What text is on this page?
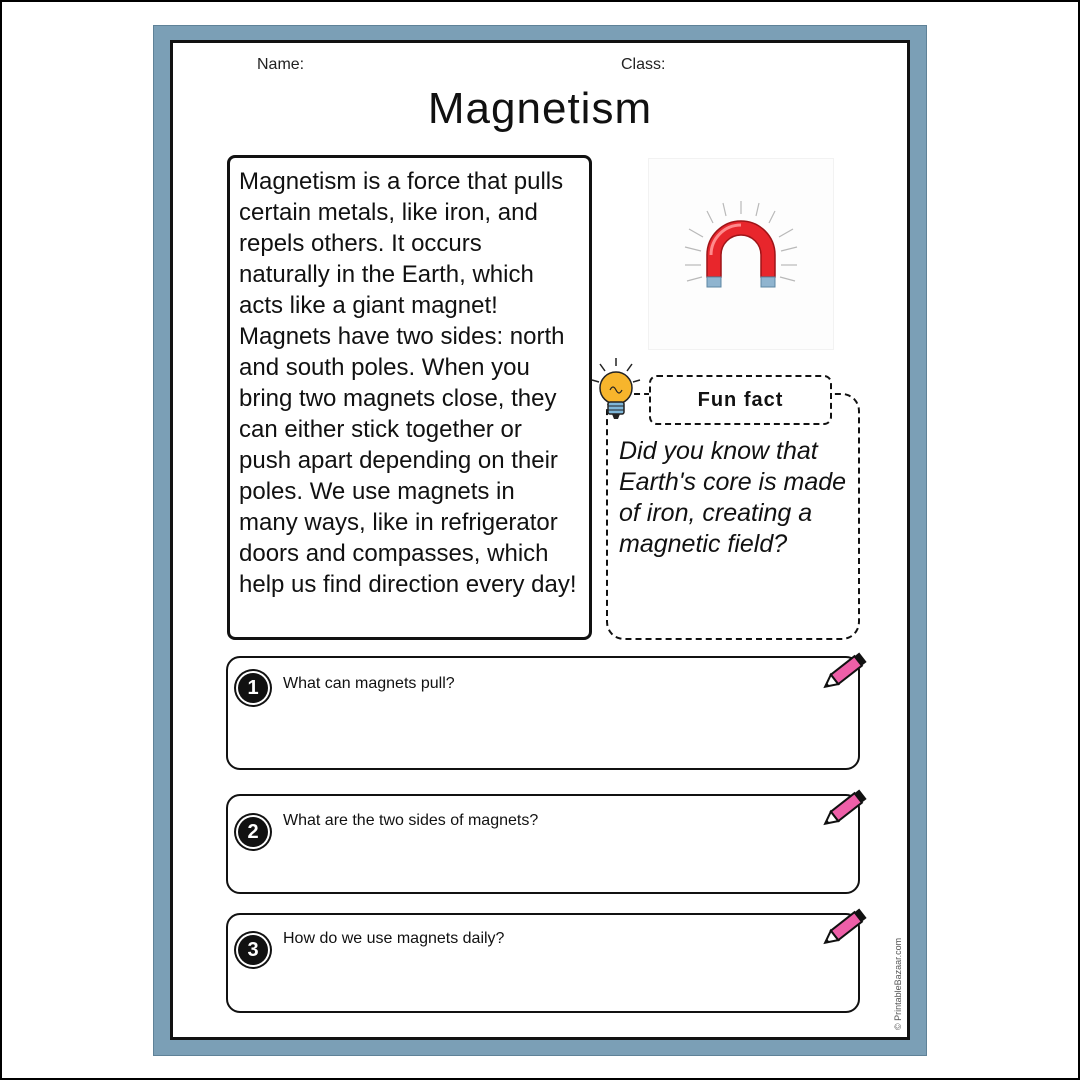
Name:	Class:
Magnetism
Magnetism is a force that pulls certain metals, like iron, and repels others. It occurs naturally in the Earth, which acts like a giant magnet! Magnets have two sides: north and south poles. When you bring two magnets close, they can either stick together or push apart depending on their poles. We use magnets in many ways, like in refrigerator doors and compasses, which help us find direction every day!
Fun fact
Did you know that Earth's core is made of iron, creating a magnetic field?
1	What can magnets pull?
2	What are the two sides of magnets?
3	How do we use magnets daily?	© PrintableBazaar.com
